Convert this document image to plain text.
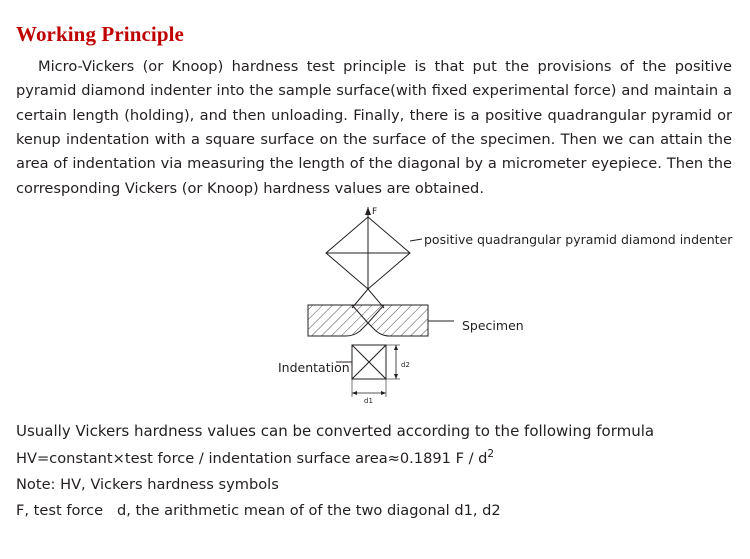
Working Principle

Micro-Vickers (or Knoop) hardness test principle is that put the provisions of the positive pyramid diamond indenter into the sample surface(with fixed experimental force) and maintain a certain length (holding), and then unloading. Finally, there is a positive quadrangular pyramid or kenup indentation with a square surface on the surface of the specimen. Then we can attain the area of indentation via measuring the length of the diagonal by a micrometer eyepiece. Then the corresponding Vickers (or Knoop) hardness values are obtained.

d2
d1
F
positive quadrangular pyramid diamond indenter
Specimen
Indentation

Usually Vickers hardness values can be converted according to the following formula

HV=constant×test force / indentation surface area≈0.1891 F / $d^2$

Note: HV, Vickers hardness symbols

F, test force   d, the arithmetic mean of of the two diagonal d1, d2
